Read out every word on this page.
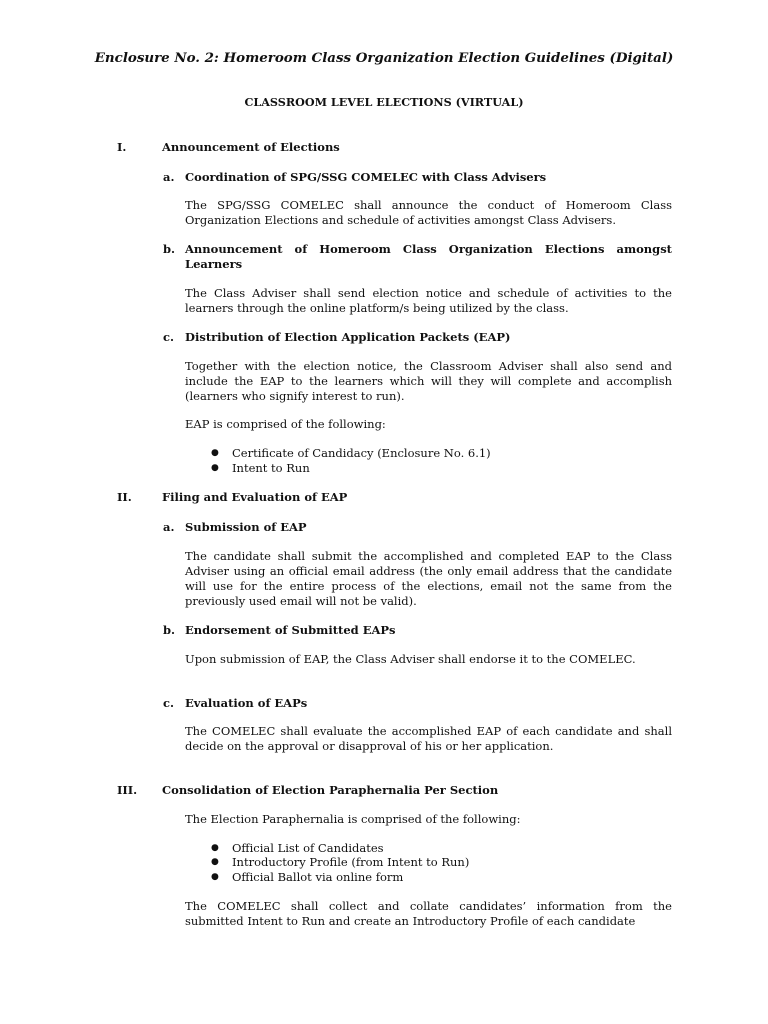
Enclosure No. 2: Homeroom Class Organization Election Guidelines (Digital)
CLASSROOM LEVEL ELECTIONS (VIRTUAL)
I.	Announcement of Elections
a. Coordination of SPG/SSG COMELEC with Class Advisers
The SPG/SSG COMELEC shall announce the conduct of Homeroom Class Organization Elections and schedule of activities amongst Class Advisers.
b. Announcement of Homeroom Class Organization Elections amongst
Learners
The Class Adviser shall send election notice and schedule of activities to the learners through the online platform/s being utilized by the class.
c. Distribution of Election Application Packets (EAP)
Together with the election notice, the Classroom Adviser shall also send and include the EAP to the learners which will they will complete and accomplish (learners who signify interest to run).
EAP is comprised of the following:
● Certificate of Candidacy (Enclosure No. 6.1)
● Intent to Run
II.	Filing and Evaluation of EAP
a. Submission of EAP
The candidate shall submit the accomplished and completed EAP to the Class Adviser using an official email address (the only email address that the candidate will use for the entire process of the elections, email not the same from the previously used email will not be valid).
b. Endorsement of Submitted EAPs
Upon submission of EAP, the Class Adviser shall endorse it to the COMELEC.
c. Evaluation of EAPs
The COMELEC shall evaluate the accomplished EAP of each candidate and shall decide on the approval or disapproval of his or her application.
III. Consolidation of Election Paraphernalia Per Section
The Election Paraphernalia is comprised of the following:
● Official List of Candidates
● Introductory Profile (from Intent to Run)
● Official Ballot via online form
The COMELEC shall collect and collate candidates’ information from the submitted Intent to Run and create an Introductory Profile of each candidate
